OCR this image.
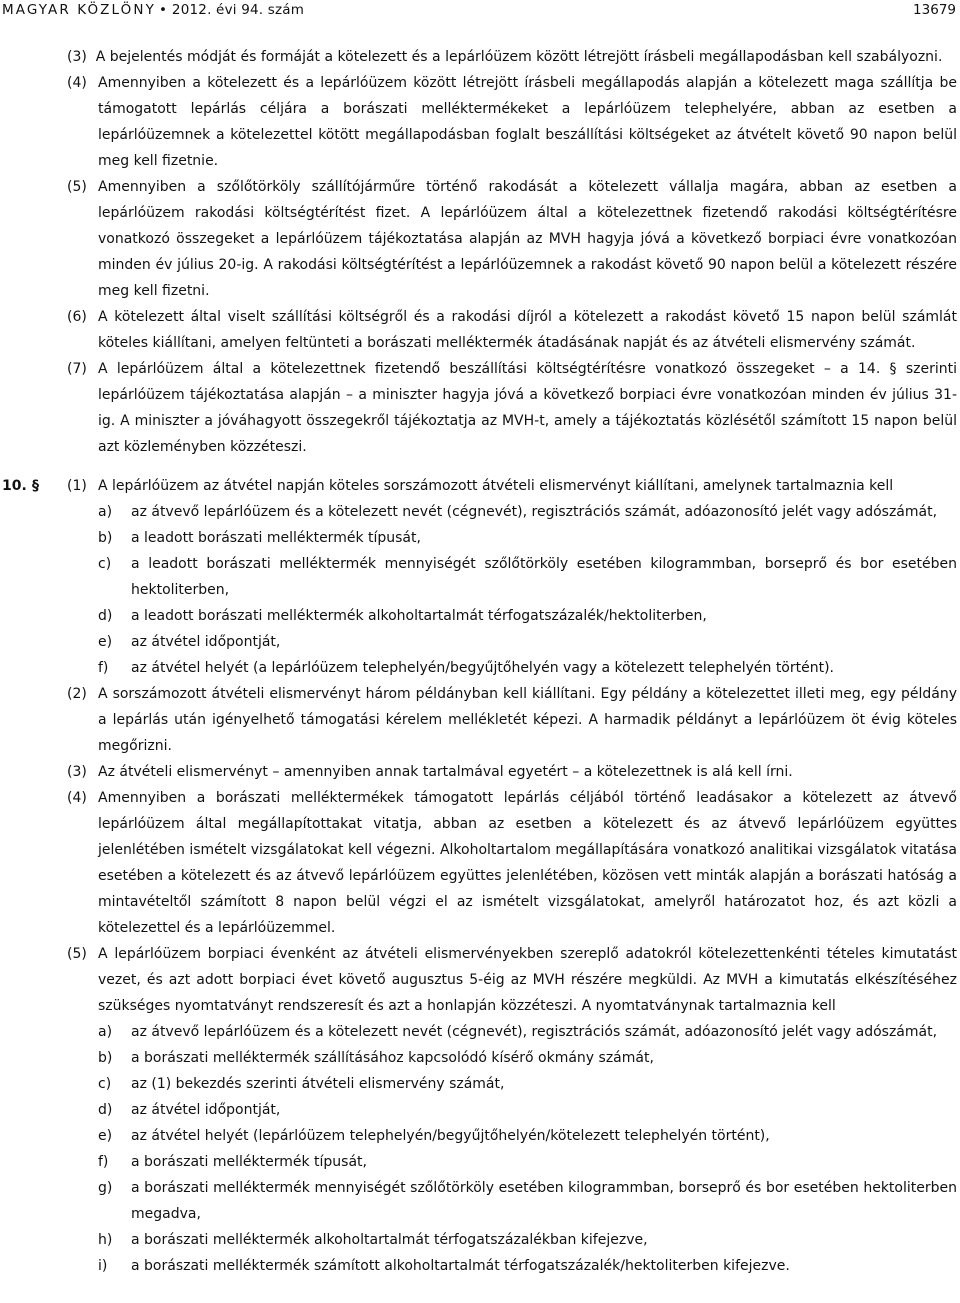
MAGYAR KÖZLÖNY • 2012. évi 94. szám	13679
(3) A bejelentés módját és formáját a kötelezett és a lepárlóüzem között létrejött írásbeli megállapodásban kell szabályozni.
(4) Amennyiben a kötelezett és a lepárlóüzem között létrejött írásbeli megállapodás alapján a kötelezett maga szállítja be támogatott lepárlás céljára a borászati melléktermékeket a lepárlóüzem telephelyére, abban az esetben a lepárlóüzemnek a kötelezettel kötött megállapodásban foglalt beszállítási költségeket az átvételt követő 90 napon belül meg kell fizetnie.
(5) Amennyiben a szőlőtörköly szállítójárműre történő rakodását a kötelezett vállalja magára, abban az esetben a lepárlóüzem rakodási költségtérítést fizet. A lepárlóüzem által a kötelezettnek fizetendő rakodási költségtérítésre vonatkozó összegeket a lepárlóüzem tájékoztatása alapján az MVH hagyja jóvá a következő borpiaci évre vonatkozóan minden év július 20-ig. A rakodási költségtérítést a lepárlóüzemnek a rakodást követő 90 napon belül a kötelezett részére meg kell fizetni.
(6) A kötelezett által viselt szállítási költségről és a rakodási díjról a kötelezett a rakodást követő 15 napon belül számlát köteles kiállítani, amelyen feltünteti a borászati melléktermék átadásának napját és az átvételi elismervény számát.
(7) A lepárlóüzem által a kötelezettnek fizetendő beszállítási költségtérítésre vonatkozó összegeket – a 14. § szerinti lepárlóüzem tájékoztatása alapján – a miniszter hagyja jóvá a következő borpiaci évre vonatkozóan minden év július 31-ig. A miniszter a jóváhagyott összegekről tájékoztatja az MVH-t, amely a tájékoztatás közlésétől számított 15 napon belül azt közleményben közzéteszi.
10. § (1) A lepárlóüzem az átvétel napján köteles sorszámozott átvételi elismervényt kiállítani, amelynek tartalmaznia kell
a) az átvevő lepárlóüzem és a kötelezett nevét (cégnevét), regisztrációs számát, adóazonosító jelét vagy adószámát,
b) a leadott borászati melléktermék típusát,
c) a leadott borászati melléktermék mennyiségét szőlőtörköly esetében kilogrammban, borseprő és bor esetében hektoliterben,
d) a leadott borászati melléktermék alkoholtartalmát térfogatszázalék/hektoliterben,
e) az átvétel időpontját,
f) az átvétel helyét (a lepárlóüzem telephelyén/begyűjtőhelyén vagy a kötelezett telephelyén történt).
(2) A sorszámozott átvételi elismervényt három példányban kell kiállítani. Egy példány a kötelezettet illeti meg, egy példány a lepárlás után igényelhető támogatási kérelem mellékletét képezi. A harmadik példányt a lepárlóüzem öt évig köteles megőrizni.
(3) Az átvételi elismervényt – amennyiben annak tartalmával egyetért – a kötelezettnek is alá kell írni.
(4) Amennyiben a borászati melléktermékek támogatott lepárlás céljából történő leadásakor a kötelezett az átvevő lepárlóüzem által megállapítottakat vitatja, abban az esetben a kötelezett és az átvevő lepárlóüzem együttes jelenlétében ismételt vizsgálatokat kell végezni. Alkoholtartalom megállapítására vonatkozó analitikai vizsgálatok vitatása esetében a kötelezett és az átvevő lepárlóüzem együttes jelenlétében, közösen vett minták alapján a borászati hatóság a mintavételtől számított 8 napon belül végzi el az ismételt vizsgálatokat, amelyről határozatot hoz, és azt közli a kötelezettel és a lepárlóüzemmel.
(5) A lepárlóüzem borpiaci évenként az átvételi elismervényekben szereplő adatokról kötelezettenkénti tételes kimutatást vezet, és azt adott borpiaci évet követő augusztus 5-éig az MVH részére megküldi. Az MVH a kimutatás elkészítéséhez szükséges nyomtatványt rendszeresít és azt a honlapján közzéteszi. A nyomtatványnak tartalmaznia kell
a) az átvevő lepárlóüzem és a kötelezett nevét (cégnevét), regisztrációs számát, adóazonosító jelét vagy adószámát,
b) a borászati melléktermék szállításához kapcsolódó kísérő okmány számát,
c) az (1) bekezdés szerinti átvételi elismervény számát,
d) az átvétel időpontját,
e) az átvétel helyét (lepárlóüzem telephelyén/begyűjtőhelyén/kötelezett telephelyén történt),
f) a borászati melléktermék típusát,
g) a borászati melléktermék mennyiségét szőlőtörköly esetében kilogrammban, borseprő és bor esetében hektoliterben megadva,
h) a borászati melléktermék alkoholtartalmát térfogatszázalékban kifejezve,
i) a borászati melléktermék számított alkoholtartalmát térfogatszázalék/hektoliterben kifejezve.
